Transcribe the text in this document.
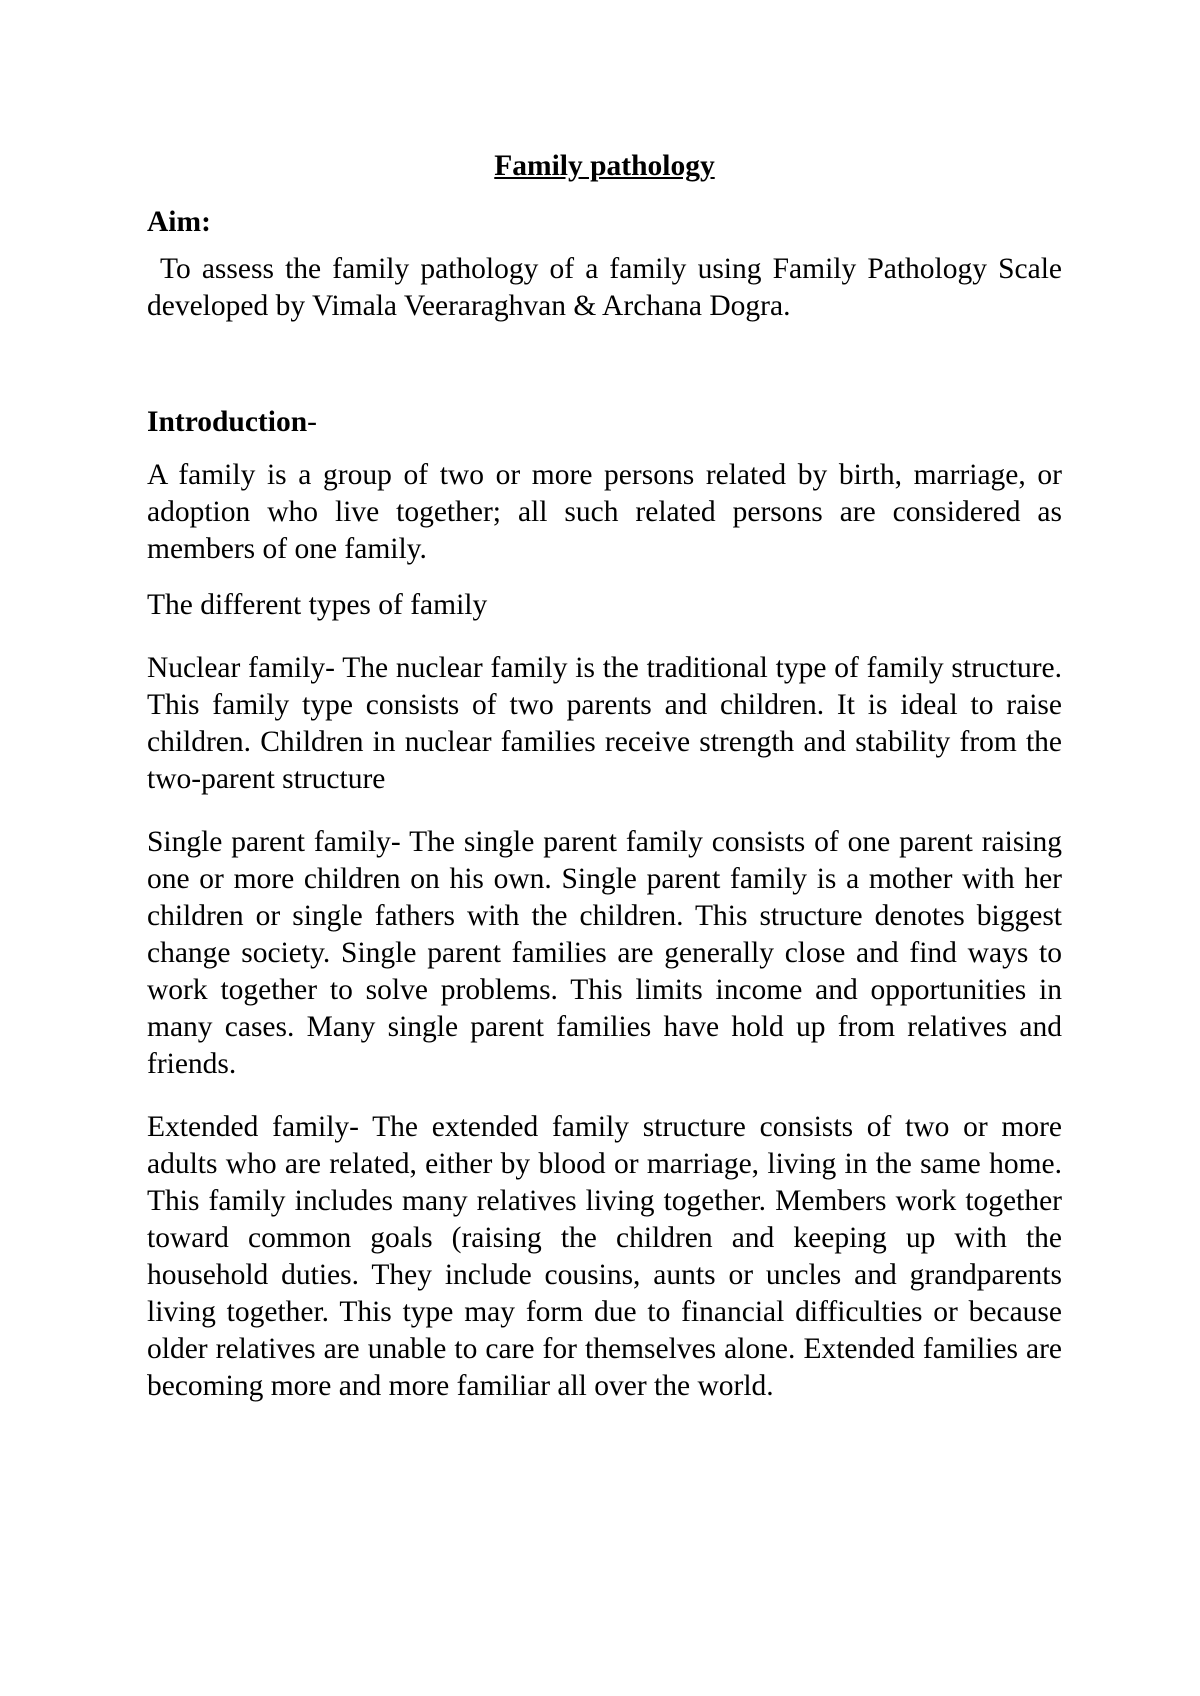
Family pathology
Aim:
To assess the family pathology of a family using Family Pathology Scale developed by Vimala Veeraraghvan & Archana Dogra.
Introduction-
A family is a group of two or more persons related by birth, marriage, or adoption who live together; all such related persons are considered as members of one family.
The different types of family
Nuclear family- The nuclear family is the traditional type of family structure. This family type consists of two parents and children. It is ideal to raise children. Children in nuclear families receive strength and stability from the two-parent structure
Single parent family- The single parent family consists of one parent raising one or more children on his own. Single parent family is a mother with her children or single fathers with the children. This structure denotes biggest change society. Single parent families are generally close and find ways to work together to solve problems. This limits income and opportunities in many cases. Many single parent families have hold up from relatives and friends.
Extended family- The extended family structure consists of two or more adults who are related, either by blood or marriage, living in the same home. This family includes many relatives living together. Members work together toward common goals (raising the children and keeping up with the household duties. They include cousins, aunts or uncles and grandparents living together. This type may form due to financial difficulties or because older relatives are unable to care for themselves alone. Extended families are becoming more and more familiar all over the world.
